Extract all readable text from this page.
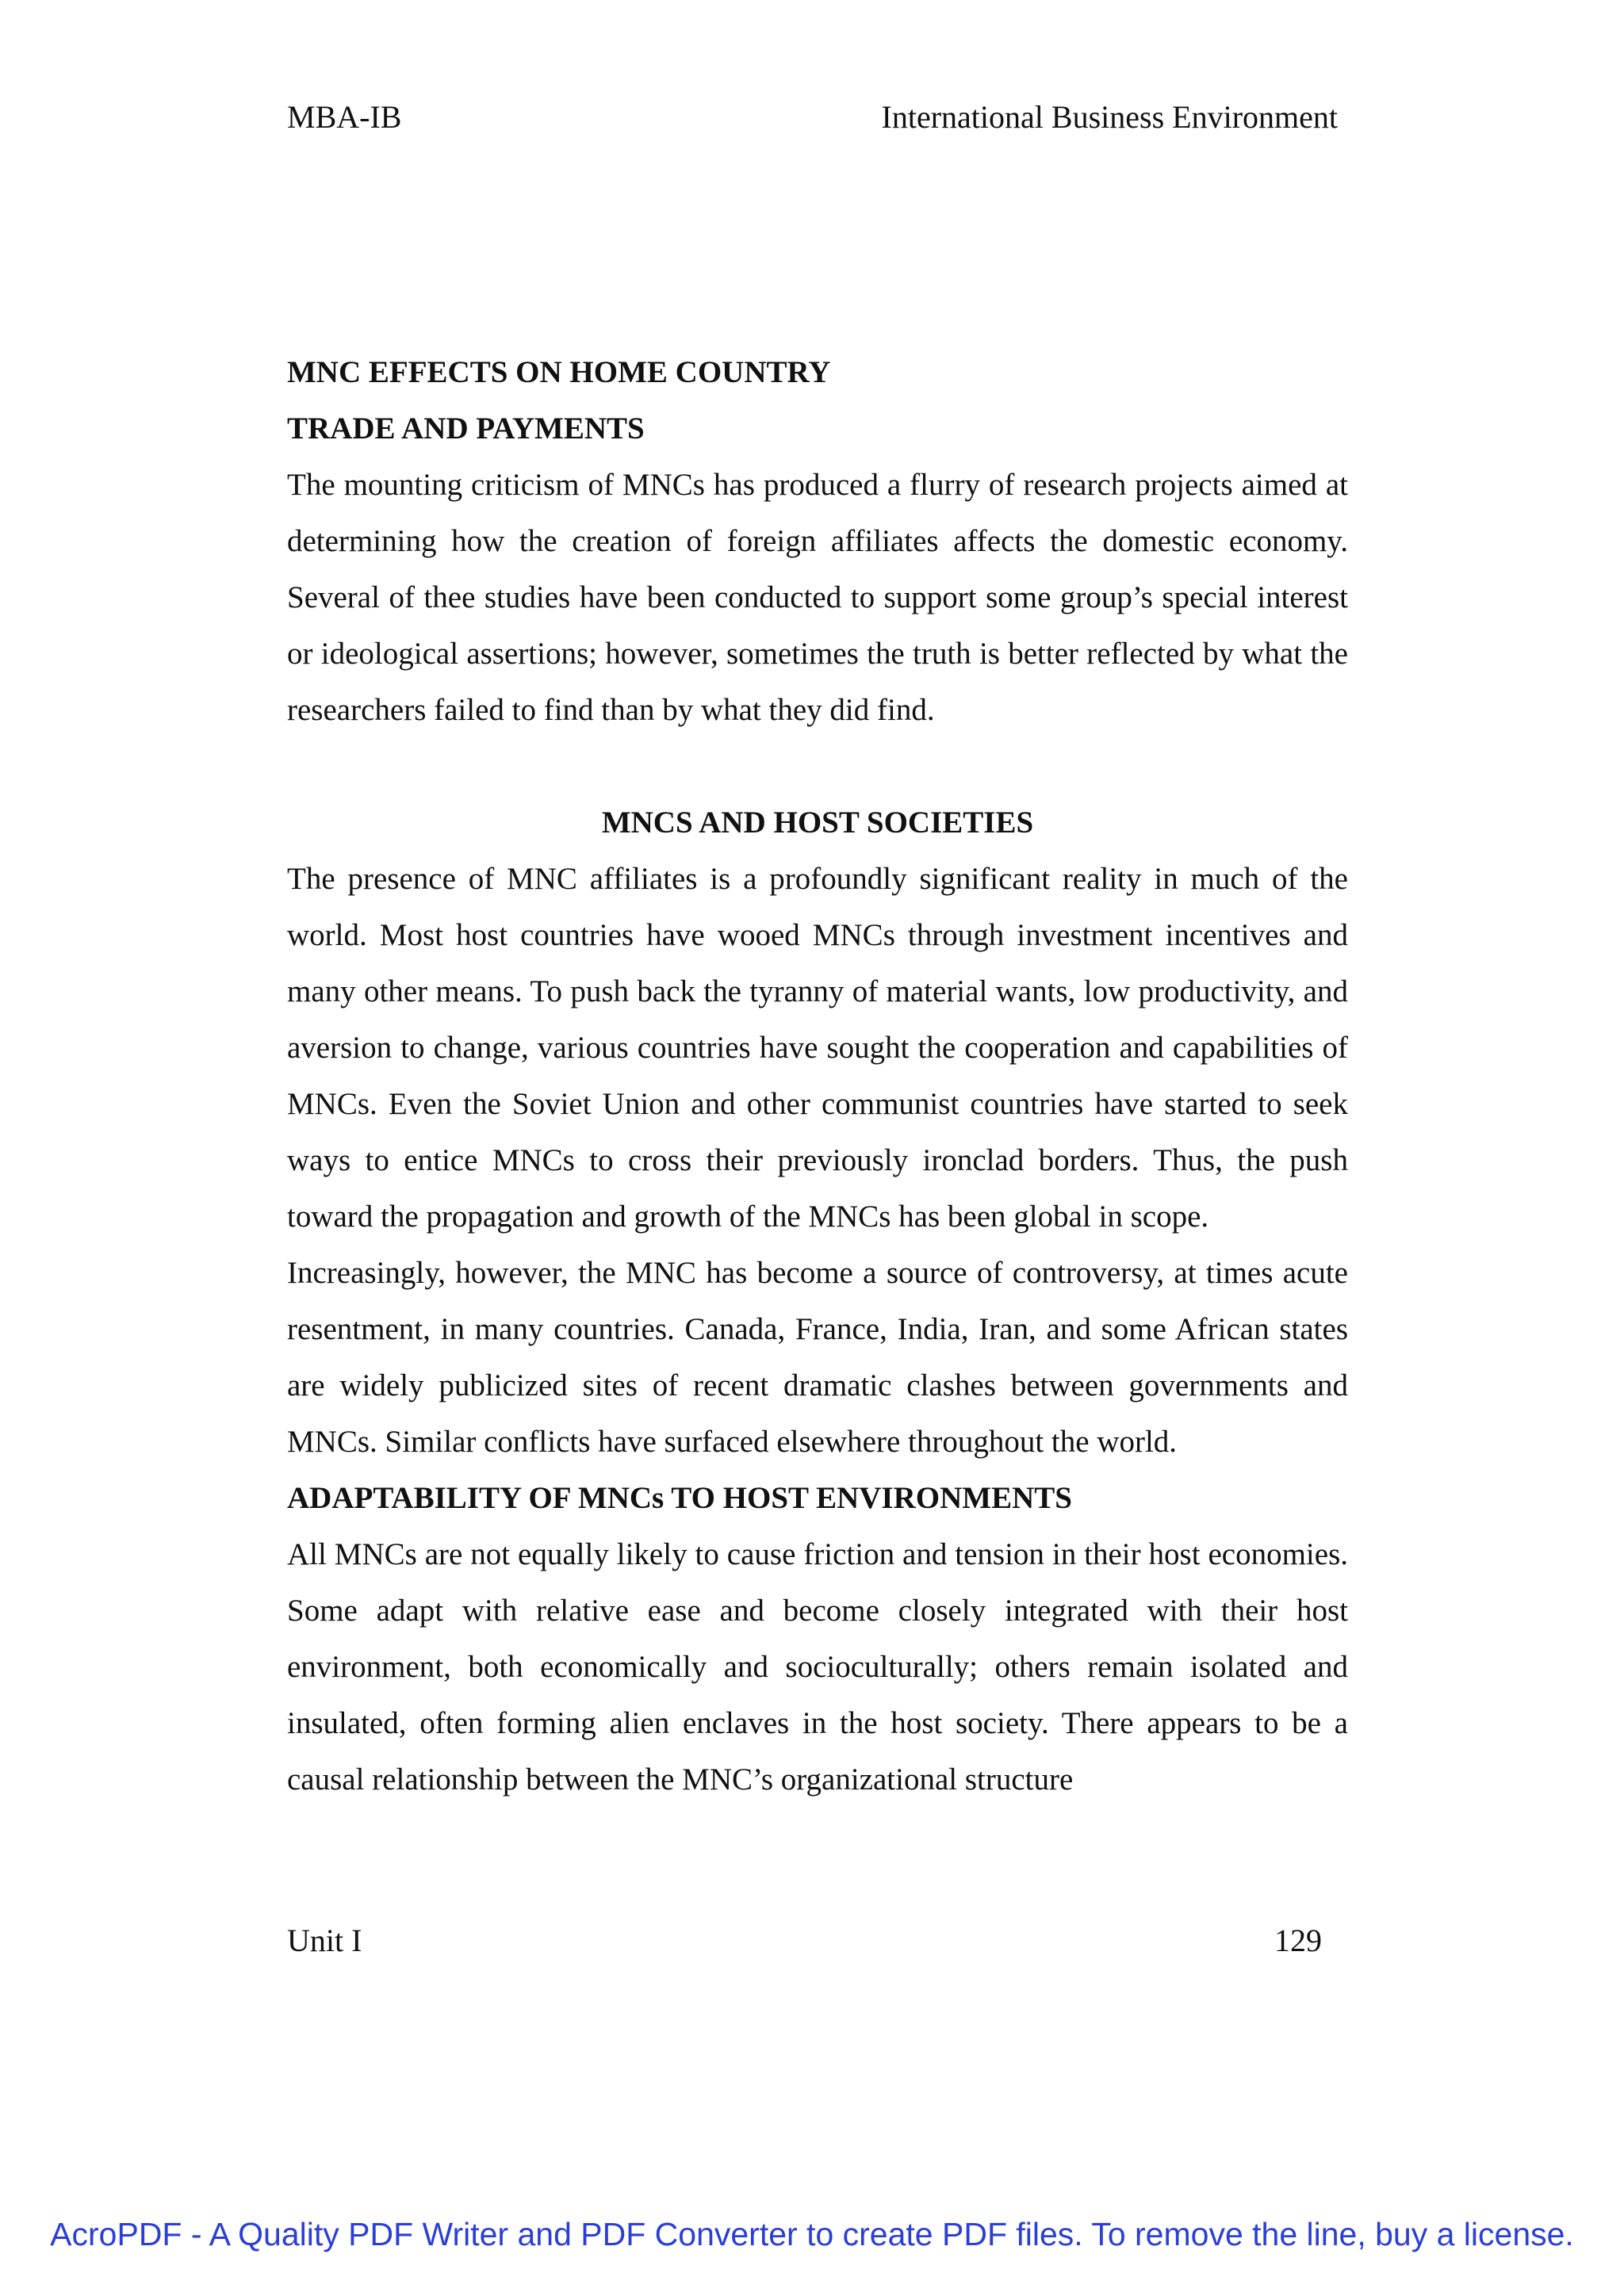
MBA-IB	International Business Environment

MNC EFFECTS ON HOME COUNTRY

TRADE AND PAYMENTS

The mounting criticism of MNCs has produced a flurry of research projects aimed at determining how the creation of foreign affiliates affects the domestic economy. Several of thee studies have been conducted to support some group’s special interest or ideological assertions; however, sometimes the truth is better reflected by what the researchers failed to find than by what they did find.

MNCS AND HOST SOCIETIES

The presence of MNC affiliates is a profoundly significant reality in much of the world. Most host countries have wooed MNCs through investment incentives and many other means. To push back the tyranny of material wants, low productivity, and aversion to change, various countries have sought the cooperation and capabilities of MNCs. Even the Soviet Union and other communist countries have started to seek ways to entice MNCs to cross their previously ironclad borders. Thus, the push toward the propagation and growth of the MNCs has been global in scope.

Increasingly, however, the MNC has become a source of controversy, at times acute resentment, in many countries. Canada, France, India, Iran, and some African states are widely publicized sites of recent dramatic clashes between governments and MNCs. Similar conflicts have surfaced elsewhere throughout the world.

ADAPTABILITY OF MNCs TO HOST ENVIRONMENTS

All MNCs are not equally likely to cause friction and tension in their host economies. Some adapt with relative ease and become closely integrated with their host environment, both economically and socioculturally; others remain isolated and insulated, often forming alien enclaves in the host society. There appears to be a causal relationship between the MNC’s organizational structure

Unit I	129
AcroPDF - A Quality PDF Writer and PDF Converter to create PDF files. To remove the line, buy a license.
